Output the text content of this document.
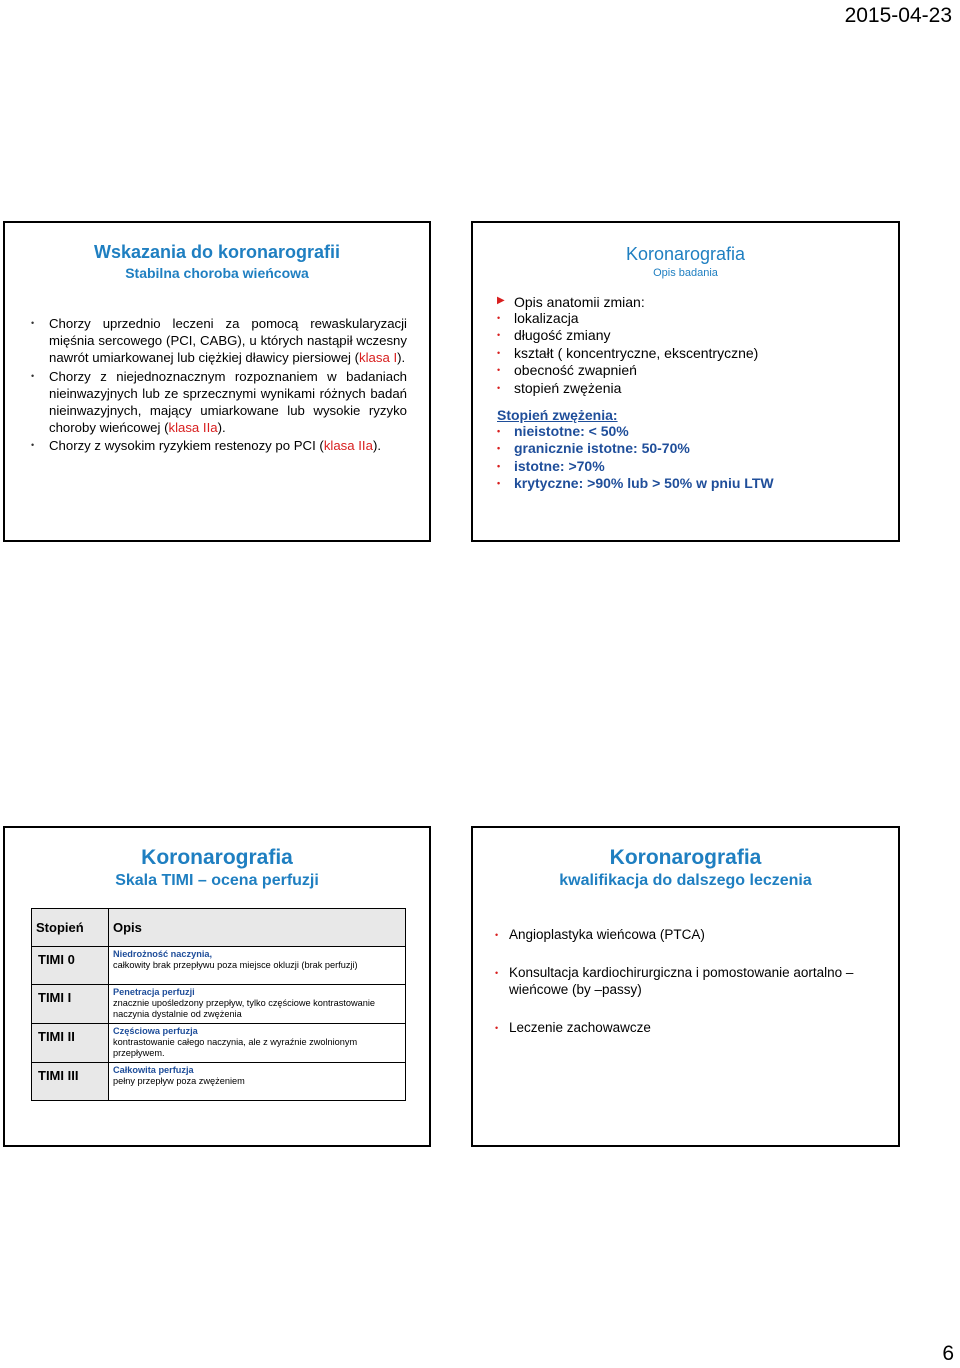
2015-04-23
Wskazania do koronarografii
Stabilna choroba wieńcowa
• Chorzy uprzednio leczeni za pomocą rewaskularyzacji mięśnia sercowego (PCI, CABG), u których nastąpił wczesny nawrót umiarkowanej lub ciężkiej dławicy piersiowej (klasa I).
• Chorzy z niejednoznacznym rozpoznaniem w badaniach nieinwazyjnych lub ze sprzecznymi wynikami różnych badań nieinwazyjnych, mający umiarkowane lub wysokie ryzyko choroby wieńcowej (klasa IIa).
• Chorzy z wysokim ryzykiem restenozy po PCI (klasa IIa).
Koronarografia
Opis badania
▶ Opis anatomii zmian:
• lokalizacja
• długość zmiany
• kształt ( koncentryczne, ekscentryczne)
• obecność zwapnień
• stopień zwężenia
Stopień zwężenia:
• nieistotne: < 50%
• granicznie istotne: 50-70%
• istotne: >70%
• krytyczne: >90% lub > 50% w pniu LTW
Koronarografia
Skala TIMI – ocena perfuzji
Stopień	Opis
TIMI 0	Niedrożność naczynia,
całkowity brak przepływu poza miejsce okluzji (brak perfuzji)
TIMI I	Penetracja perfuzji
znacznie upośledzony przepływ, tylko częściowe kontrastowanie naczynia dystalnie od zwężenia
TIMI II	Częściowa perfuzja
kontrastowanie całego naczynia, ale z wyraźnie zwolnionym przepływem.
TIMI III	Całkowita perfuzja
pełny przepływ poza zwężeniem
Koronarografia
kwalifikacja do dalszego leczenia
• Angioplastyka wieńcowa (PTCA)
• Konsultacja kardiochirurgiczna i pomostowanie aortalno – wieńcowe (by –passy)
• Leczenie zachowawcze
6
